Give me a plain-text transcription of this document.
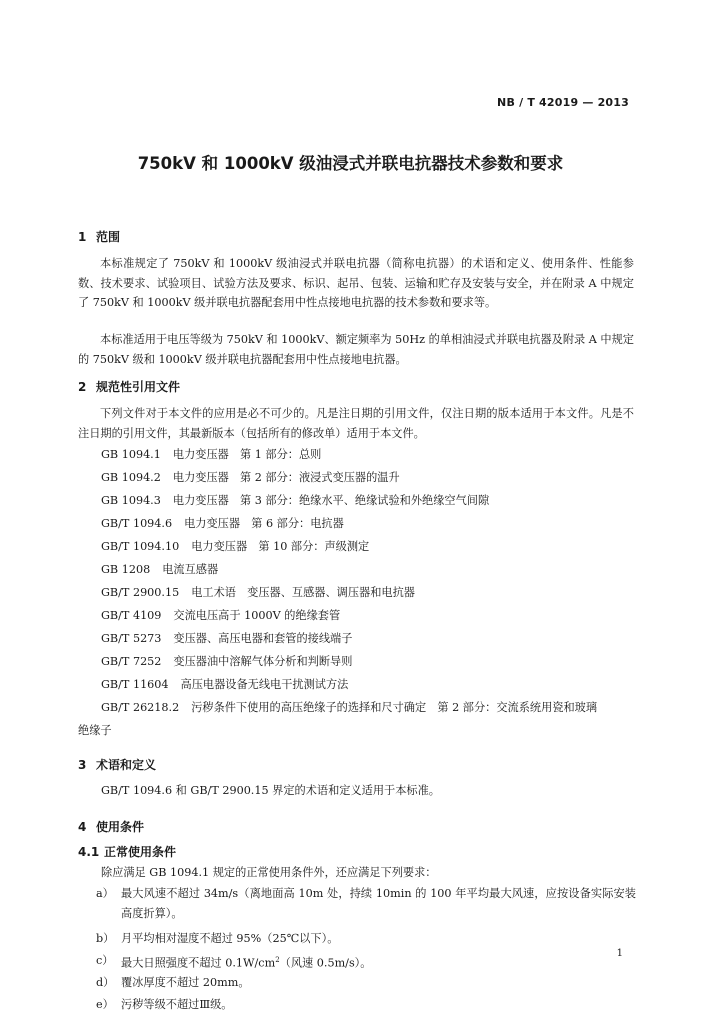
NB / T 42019 — 2013
750kV 和 1000kV 级油浸式并联电抗器技术参数和要求
1 范围

本标准规定了 750kV 和 1000kV 级油浸式并联电抗器（简称电抗器）的术语和定义、使用条件、性能参数、技术要求、试验项目、试验方法及要求、标识、起吊、包装、运输和贮存及安装与安全，并在附录 A 中规定了 750kV 和 1000kV 级并联电抗器配套用中性点接地电抗器的技术参数和要求等。

本标准适用于电压等级为 750kV 和 1000kV、额定频率为 50Hz 的单相油浸式并联电抗器及附录 A 中规定的 750kV 级和 1000kV 级并联电抗器配套用中性点接地电抗器。

2 规范性引用文件

下列文件对于本文件的应用是必不可少的。凡是注日期的引用文件，仅注日期的版本适用于本文件。凡是不注日期的引用文件，其最新版本（包括所有的修改单）适用于本文件。

GB 1094.1 电力变压器　第 1 部分：总则
GB 1094.2 电力变压器　第 2 部分：液浸式变压器的温升
GB 1094.3 电力变压器　第 3 部分：绝缘水平、绝缘试验和外绝缘空气间隙
GB/T 1094.6 电力变压器　第 6 部分：电抗器
GB/T 1094.10 电力变压器　第 10 部分：声级测定
GB 1208 电流互感器
GB/T 2900.15 电工术语　变压器、互感器、调压器和电抗器
GB/T 4109 交流电压高于 1000V 的绝缘套管
GB/T 5273 变压器、高压电器和套管的接线端子
GB/T 7252 变压器油中溶解气体分析和判断导则
GB/T 11604 高压电器设备无线电干扰测试方法
GB/T 26218.2 污秽条件下使用的高压绝缘子的选择和尺寸确定　第 2 部分：交流系统用瓷和玻璃
绝缘子
3 术语和定义
GB/T 1094.6 和 GB/T 2900.15 界定的术语和定义适用于本标准。
4 使用条件
4.1 正常使用条件
除应满足 GB 1094.1 规定的正常使用条件外，还应满足下列要求：
a） 最大风速不超过 34m/s（离地面高 10m 处，持续 10min 的 100 年平均最大风速，应按设备实际安装高度折算）。
b） 月平均相对湿度不超过 95%（25℃以下）。
c） 最大日照强度不超过 $0.1W/cm^2$（风速 0.5m/s）。
d） 覆冰厚度不超过 20mm。
e） 污秽等级不超过Ⅲ级。
1
